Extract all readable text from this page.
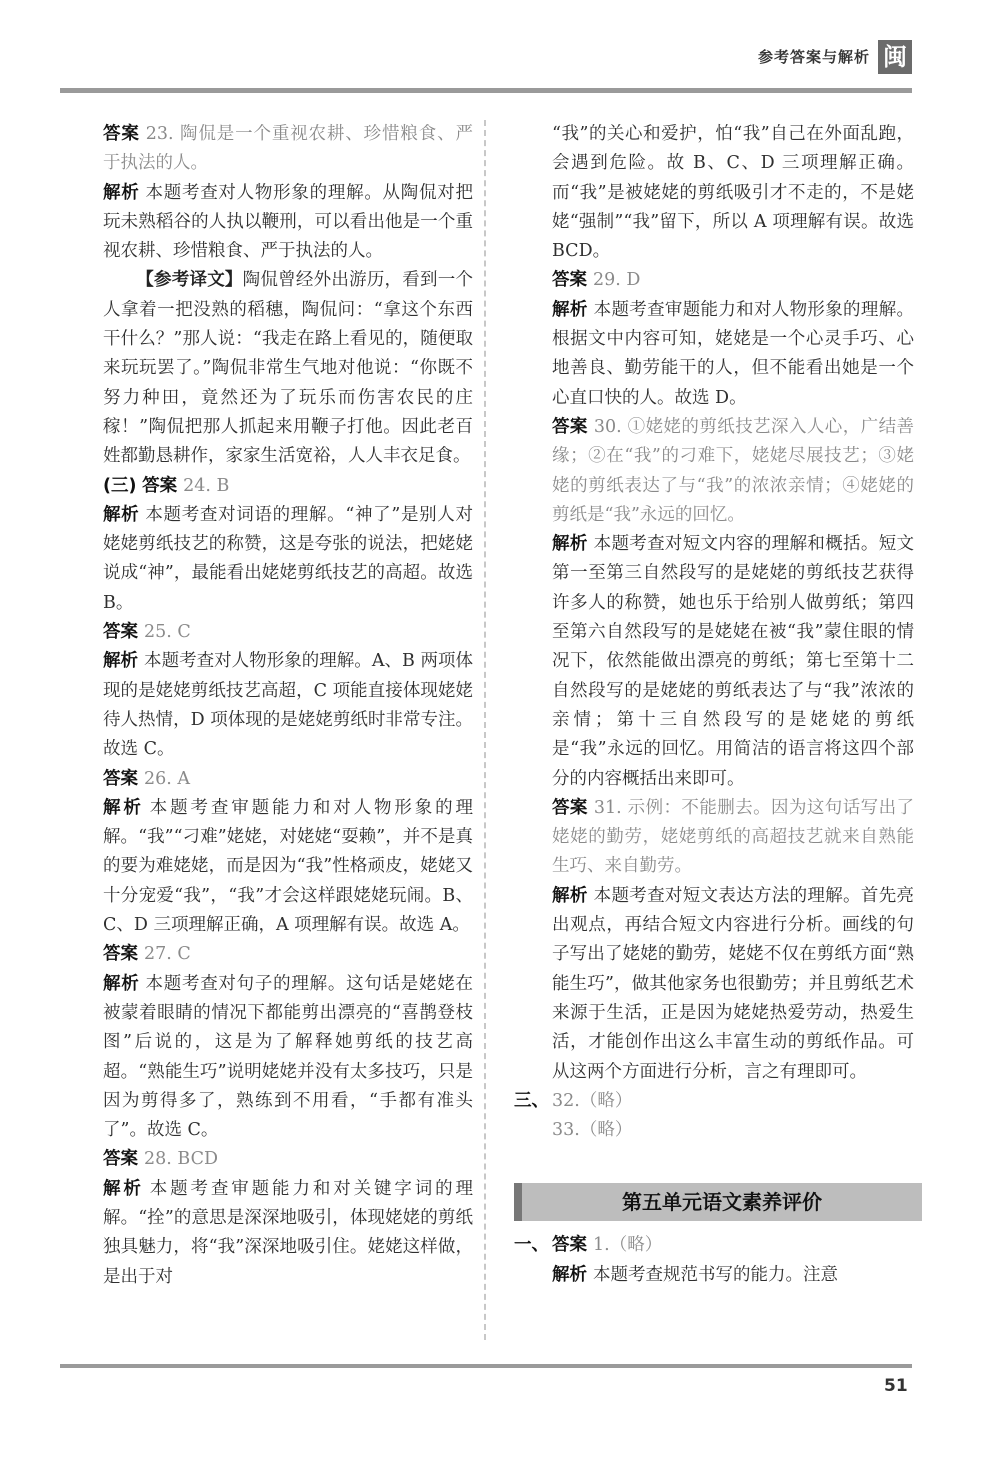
参考答案与解析 闽

答案 23. 陶侃是一个重视农耕、珍惜粮食、严于执法的人。

解析 本题考查对人物形象的理解。从陶侃对把玩未熟稻谷的人执以鞭刑，可以看出他是一个重视农耕、珍惜粮食、严于执法的人。

【参考译文】陶侃曾经外出游历，看到一个人拿着一把没熟的稻穗，陶侃问：“拿这个东西干什么？”那人说：“我走在路上看见的，随便取来玩玩罢了。”陶侃非常生气地对他说：“你既不努力种田，竟然还为了玩乐而伤害农民的庄稼！”陶侃把那人抓起来用鞭子打他。因此老百姓都勤恳耕作，家家生活宽裕，人人丰衣足食。

(三) 答案 24. B

解析 本题考查对词语的理解。“神了”是别人对姥姥剪纸技艺的称赞，这是夸张的说法，把姥姥说成“神”，最能看出姥姥剪纸技艺的高超。故选 B。

答案 25. C

解析 本题考查对人物形象的理解。A、B 两项体现的是姥姥剪纸技艺高超，C 项能直接体现姥姥待人热情，D 项体现的是姥姥剪纸时非常专注。故选 C。

答案 26. A

解析 本题考查审题能力和对人物形象的理解。“我”“刁难”姥姥，对姥姥“耍赖”，并不是真的要为难姥姥，而是因为“我”性格顽皮，姥姥又十分宠爱“我”，“我”才会这样跟姥姥玩闹。B、C、D 三项理解正确，A 项理解有误。故选 A。

答案 27. C

解析 本题考查对句子的理解。这句话是姥姥在被蒙着眼睛的情况下都能剪出漂亮的“喜鹊登枝图”后说的，这是为了解释她剪纸的技艺高超。“熟能生巧”说明姥姥并没有太多技巧，只是因为剪得多了，熟练到不用看，“手都有准头了”。故选 C。

答案 28. BCD

解析 本题考查审题能力和对关键字词的理解。“拴”的意思是深深地吸引，体现姥姥的剪纸独具魅力，将“我”深深地吸引住。姥姥这样做，是出于对

“我”的关心和爱护，怕“我”自己在外面乱跑，会遇到危险。故 B、C、D 三项理解正确。而“我”是被姥姥的剪纸吸引才不走的，不是姥姥“强制”“我”留下，所以 A 项理解有误。故选 BCD。

答案 29. D

解析 本题考查审题能力和对人物形象的理解。根据文中内容可知，姥姥是一个心灵手巧、心地善良、勤劳能干的人，但不能看出她是一个心直口快的人。故选 D。

答案 30. ①姥姥的剪纸技艺深入人心，广结善缘；②在“我”的刁难下，姥姥尽展技艺；③姥姥的剪纸表达了与“我”的浓浓亲情；④姥姥的剪纸是“我”永远的回忆。

解析 本题考查对短文内容的理解和概括。短文第一至第三自然段写的是姥姥的剪纸技艺获得许多人的称赞，她也乐于给别人做剪纸；第四至第六自然段写的是姥姥在被“我”蒙住眼的情况下，依然能做出漂亮的剪纸；第七至第十二自然段写的是姥姥的剪纸表达了与“我”浓浓的亲情；第十三自然段写的是姥姥的剪纸是“我”永远的回忆。用简洁的语言将这四个部分的内容概括出来即可。

答案 31. 示例：不能删去。因为这句话写出了姥姥的勤劳，姥姥剪纸的高超技艺就来自熟能生巧、来自勤劳。

解析 本题考查对短文表达方法的理解。首先亮出观点，再结合短文内容进行分析。画线的句子写出了姥姥的勤劳，姥姥不仅在剪纸方面“熟能生巧”，做其他家务也很勤劳；并且剪纸艺术来源于生活，正是因为姥姥热爱劳动，热爱生活，才能创作出这么丰富生动的剪纸作品。可从这两个方面进行分析，言之有理即可。

三、 32.（略）

33.（略）

第五单元语文素养评价

一、 答案 1.（略）

解析 本题考查规范书写的能力。注意

51
